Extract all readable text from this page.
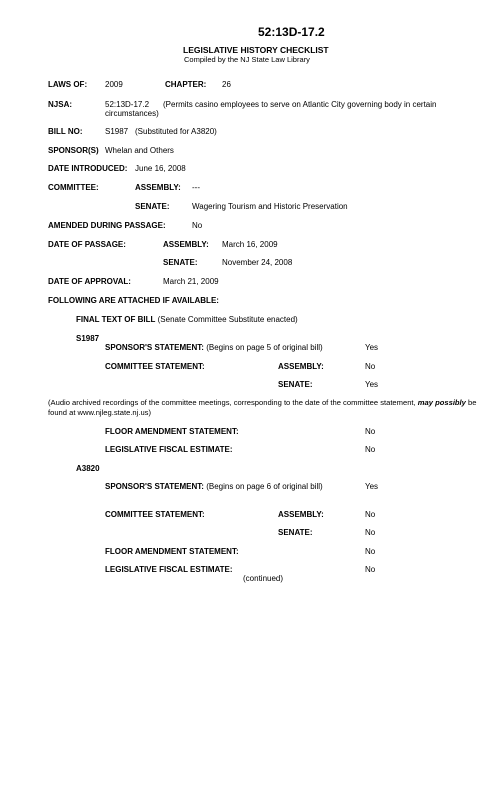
52:13D-17.2
LEGISLATIVE HISTORY CHECKLIST
Compiled by the NJ State Law Library
LAWS OF: 2009	CHAPTER: 26
NJSA:	52:13D-17.2 (Permits casino employees to serve on Atlantic City governing body in certain
circumstances)
BILL NO:	S1987 (Substituted for A3820)
SPONSOR(S) Whelan and Others
DATE INTRODUCED: June 16, 2008
COMMITTEE:	ASSEMBLY: ---
SENATE:	Wagering Tourism and Historic Preservation
AMENDED DURING PASSAGE:	No
DATE OF PASSAGE:	ASSEMBLY: March 16, 2009
SENATE:	November 24, 2008
DATE OF APPROVAL:	March 21, 2009
FOLLOWING ARE ATTACHED IF AVAILABLE:
FINAL TEXT OF BILL (Senate Committee Substitute enacted)
S1987
SPONSOR'S STATEMENT: (Begins on page 5 of original bill)	Yes
COMMITTEE STATEMENT:	ASSEMBLY:	No
SENATE:	Yes
(Audio archived recordings of the committee meetings, corresponding to the date of the committee statement, may possibly be found at www.njleg.state.nj.us)
FLOOR AMENDMENT STATEMENT:	No
LEGISLATIVE FISCAL ESTIMATE:	No
A3820
SPONSOR'S STATEMENT: (Begins on page 6 of original bill)	Yes
COMMITTEE STATEMENT:	ASSEMBLY:	No
SENATE:	No
FLOOR AMENDMENT STATEMENT:	No
LEGISLATIVE FISCAL ESTIMATE:	No
(continued)
